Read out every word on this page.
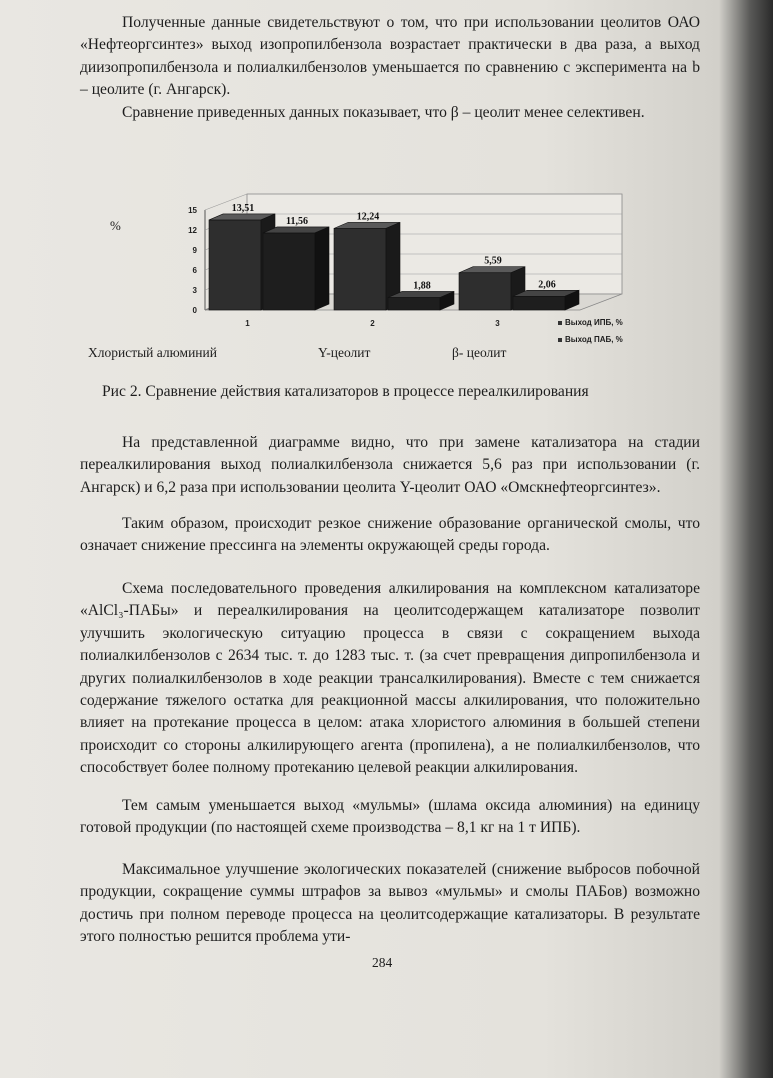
Полученные данные свидетельствуют о том, что при использовании цеолитов ОАО «Нефтеоргсинтез» выход изопропилбензола возрастает практически в два раза, а выход диизопропилбензола и полиалкилбензолов уменьшается по сравнению с эксперимента на b – цеолите (г. Ангарск).

Сравнение приведенных данных показывает, что β – цеолит менее селективен.

0
3
6
9
12
15
%
13,51
11,56
1
12,24
1,88
2
5,59
2,06
3
Хлористый алюминий	Y-цеолит	β- цеолит
Выход ИПБ, %
Выход ПАБ, %
Рис 2. Сравнение действия катализаторов в процессе переалкилирования

На представленной диаграмме видно, что при замене катализатора на стадии переалкилирования выход полиалкилбензола снижается 5,6 раз при использовании (г. Ангарск) и 6,2 раза при использовании цеолита Y-цеолит ОАО «Омскнефтеоргсинтез».

Таким образом, происходит резкое снижение образование органической смолы, что означает снижение прессинга на элементы окружающей среды города.

Схема последовательного проведения алкилирования на комплексном катализаторе «AlCl₃-ПАБы» и переалкилирования на цеолитсодержащем катализаторе позволит улучшить экологическую ситуацию процесса в связи с сокращением выхода полиалкилбензолов с 2634 тыс. т. до 1283 тыс. т. (за счет превращения дипропилбензола и других полиалкилбензолов в ходе реакции трансалкилирования). Вместе с тем снижается содержание тяжелого остатка для реакционной массы алкилирования, что положительно влияет на протекание процесса в целом: атака хлористого алюминия в большей степени происходит со стороны алкилирующего агента (пропилена), а не полиалкилбензолов, что способствует более полному протеканию целевой реакции алкилирования.

Тем самым уменьшается выход «мульмы» (шлама оксида алюминия) на единицу готовой продукции (по настоящей схеме производства – 8,1 кг на 1 т ИПБ).

Максимальное улучшение экологических показателей (снижение выбросов побочной продукции, сокращение суммы штрафов за вывоз «мульмы» и смолы ПАБов) возможно достичь при полном переводе процесса на цеолитсодержащие катализаторы. В результате этого полностью решится проблема ути-

284
